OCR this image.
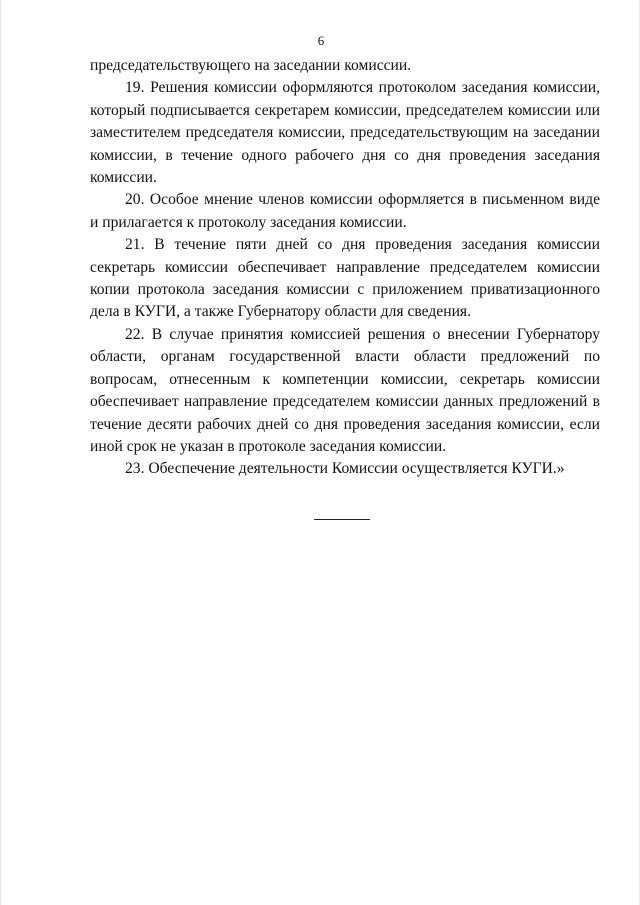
6

председательствующего на заседании комиссии.

19. Решения комиссии оформляются протоколом заседания комиссии, который подписывается секретарем комиссии, председателем комиссии или заместителем председателя комиссии, председательствующим на заседании комиссии, в течение одного рабочего дня со дня проведения заседания комиссии.

20. Особое мнение членов комиссии оформляется в письменном виде и прилагается к протоколу заседания комиссии.

21. В течение пяти дней со дня проведения заседания комиссии секретарь комиссии обеспечивает направление председателем комиссии копии протокола заседания комиссии с приложением приватизационного дела в КУГИ, а также Губернатору области для сведения.

22. В случае принятия комиссией решения о внесении Губернатору области, органам государственной власти области предложений по вопросам, отнесенным к компетенции комиссии, секретарь комиссии обеспечивает направление председателем комиссии данных предложений в течение десяти рабочих дней со дня проведения заседания комиссии, если иной срок не указан в протоколе заседания комиссии.

23. Обеспечение деятельности Комиссии осуществляется КУГИ.»
